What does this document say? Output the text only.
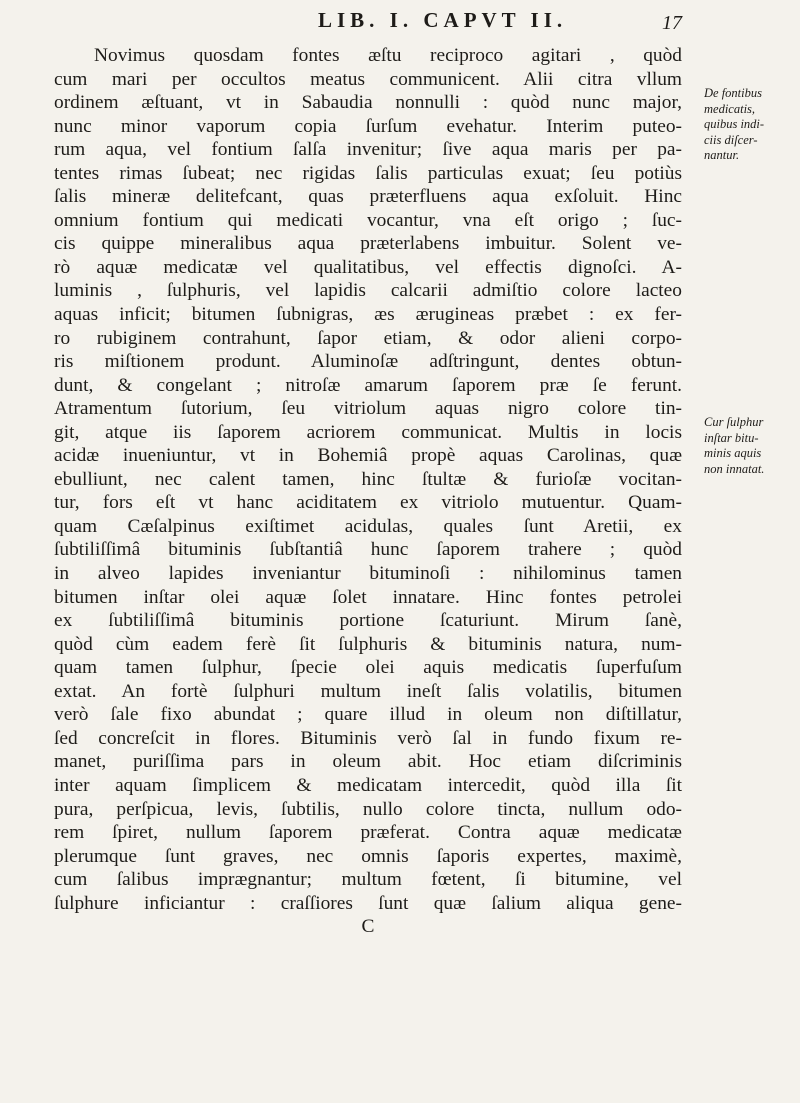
LIB. I. CAPVT II.	17
Novimus quosdam fontes æſtu reciproco agitari , quòd
cum mari per occultos meatus communicent. Alii citra vllum
ordinem æſtuant, vt in Sabaudia nonnulli : quòd nunc major,
nunc minor vaporum copia ſurſum evehatur. Interim puteo-
rum aqua, vel fontium ſalſa invenitur; ſive aqua maris per pa-
tentes rimas ſubeat; nec rigidas ſalis particulas exuat; ſeu potiùs
ſalis mineræ delitefcant, quas præterfluens aqua exſoluit. Hinc
omnium fontium qui medicati vocantur, vna eſt origo ; ſuc-
cis quippe mineralibus aqua præterlabens imbuitur. Solent ve-
rò aquæ medicatæ vel qualitatibus, vel effectis dignoſci. A-
luminis , ſulphuris, vel lapidis calcarii admiſtio colore lacteo
aquas inficit; bitumen ſubnigras, æs æruginеas præbet : ex fer-
ro rubiginem contrahunt, ſapor etiam, & odor alieni corpo-
ris miſtionem produnt. Aluminoſæ adſtringunt, dentes obtun-
dunt, & congelant ; nitroſæ amarum ſaporem præ ſe ferunt.
Atramentum ſutorium, ſeu vitriolum aquas nigro colore tin-
git, atque iis ſaporem acriorem communicat. Multis in locis
acidæ inueniuntur, vt in Bohemiâ propè aquas Carolinas, quæ
ebulliunt, nec calent tamen, hinc ſtultæ & furioſæ vocitan-
tur, fors eſt vt hanc aciditatem ex vitriolo mutuentur. Quam-
quam Cæſalpinus exiſtimet acidulas, quales ſunt Aretii, ex
ſubtiliſſimâ bituminis ſubſtantiâ hunc ſaporem trahere ; quòd
in alveo lapides inveniantur bituminoſi : nihilominus tamen
bitumen inſtar olei aquæ ſolet innatare. Hinc fontes petrolei
ex ſubtiliſſimâ bituminis portione ſcaturiunt. Mirum ſanè,
quòd cùm eadem ferè ſit ſulphuris & bituminis natura, num-
quam tamen ſulphur, ſpecie olei aquis medicatis ſuperfuſum
extat. An fortè ſulphuri multum ineſt ſalis volatilis, bitumen
verò ſale fixo abundat ; quare illud in oleum non diſtillatur,
ſed concreſcit in flores. Bituminis verò ſal in fundo fixum re-
manet, puriſſima pars in oleum abit. Hoc etiam diſcriminis
inter aquam ſimplicem & medicatam intercedit, quòd illa ſit
pura, perſpicua, levis, ſubtilis, nullo colore tincta, nullum odo-
rem ſpiret, nullum ſaporem præferat. Contra aquæ medicatæ
plerumque ſunt graves, nec omnis ſaporis expertes, maximè,
cum ſalibus imprægnantur; multum fœtent, ſi bitumine, vel
ſulphure inficiantur : craſſiores ſunt quæ ſalium aliqua gene-
C
De fontibus
medicatis,
quibus indi-
ciis diſcer-
nantur.
Cur ſulphur
inſtar bitu-
minis aquis
non innatat.
